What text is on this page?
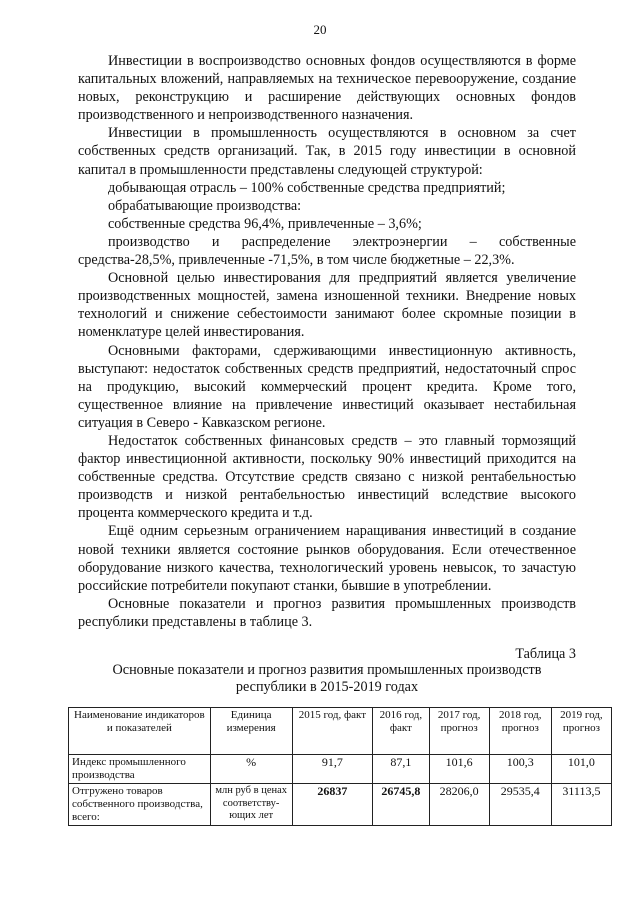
20

Инвестиции в воспроизводство основных фондов осуществляются в форме капитальных вложений, направляемых на техническое перевооружение, создание новых, реконструкцию и расширение действующих основных фондов производственного и непроизводственного назначения.

Инвестиции в промышленность осуществляются в основном за счет собственных средств организаций. Так, в 2015 году инвестиции в основной капитал в промышленности представлены следующей структурой:

добывающая отрасль – 100% собственные средства предприятий;

обрабатывающие производства:

собственные средства 96,4%, привлеченные – 3,6%;

производство и распределение электроэнергии – собственные средства-28,5%, привлеченные -71,5%, в том числе бюджетные – 22,3%.

Основной целью инвестирования для предприятий является увеличение производственных мощностей, замена изношенной техники. Внедрение новых технологий и снижение себестоимости занимают более скромные позиции в номенклатуре целей инвестирования.

Основными факторами, сдерживающими инвестиционную активность, выступают: недостаток собственных средств предприятий, недостаточный спрос на продукцию, высокий коммерческий процент кредита. Кроме того, существенное влияние на привлечение инвестиций оказывает нестабильная ситуация в Северо - Кавказском регионе.

Недостаток собственных финансовых средств – это главный тормозящий фактор инвестиционной активности, поскольку 90% инвестиций приходится на собственные средства. Отсутствие средств связано с низкой рентабельностью производств и низкой рентабельностью инвестиций вследствие высокого процента коммерческого кредита и т.д.

Ещё одним серьезным ограничением наращивания инвестиций в создание новой техники является состояние рынков оборудования. Если отечественное оборудование низкого качества, технологический уровень невысок, то зачастую российские потребители покупают станки, бывшие в употреблении.

Основные показатели и прогноз развития промышленных производств республики представлены в таблице 3.

Таблица 3
Основные показатели и прогноз развития промышленных производств республики в 2015-2019 годах
Наименование индикаторов и показателей	Единица измерения	2015 год, факт	2016 год, факт	2017 год, прогноз	2018 год, прогноз	2019 год, прогноз
Индекс промышленного производства	%	91,7	87,1	101,6	100,3	101,0
Отгружено товаров собственного производства, всего:	млн руб в ценах соответству-ющих лет	26837	26745,8	28206,0	29535,4	31113,5
